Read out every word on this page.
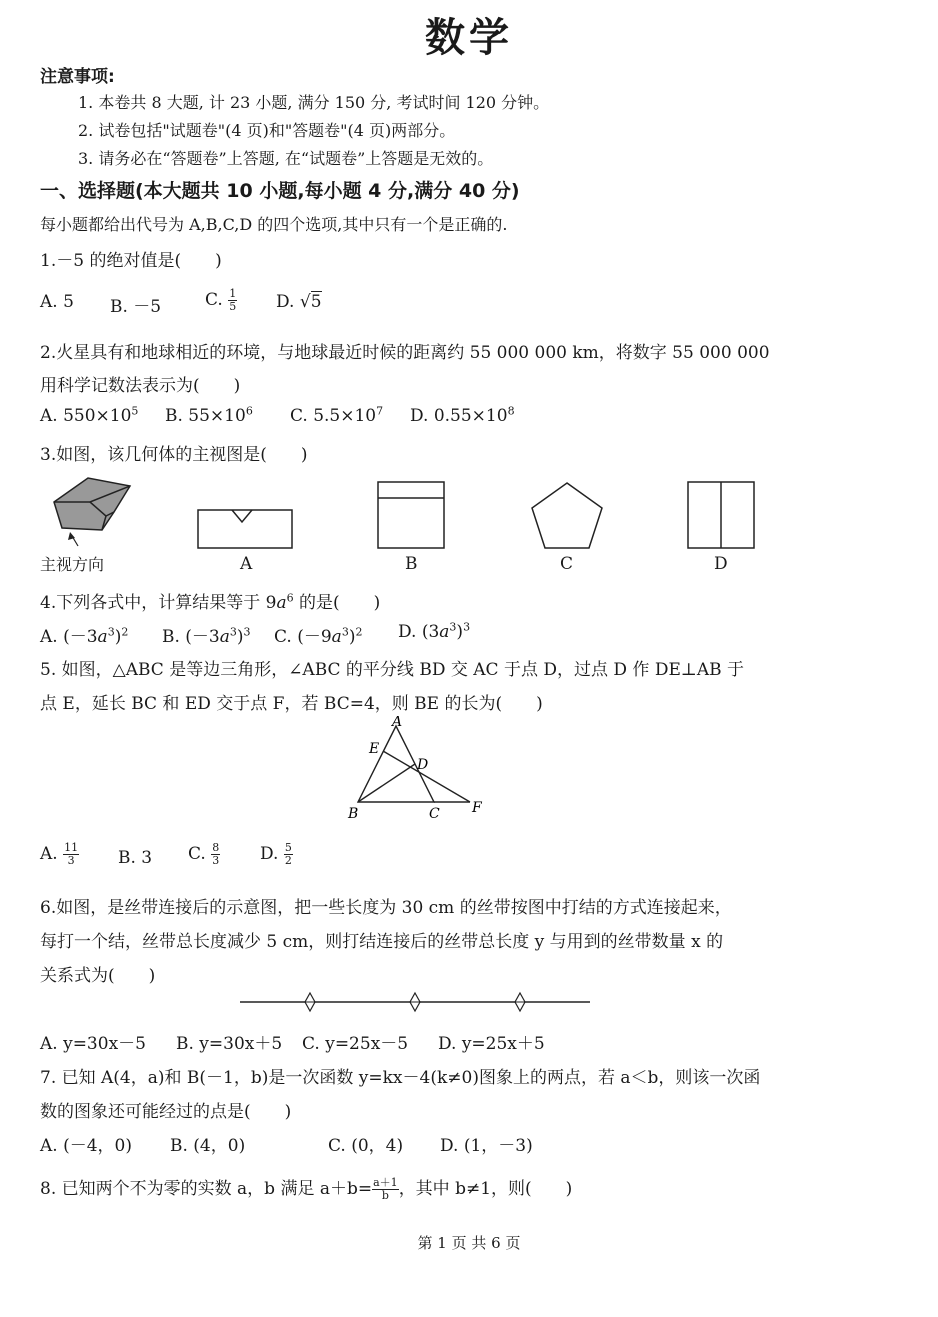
数学
注意事项:
1. 本卷共 8 大题, 计 23 小题, 满分 150 分, 考试时间 120 分钟。
2. 试卷包括"试题卷"(4 页)和"答题卷"(4 页)两部分。
3. 请务必在“答题卷”上答题, 在“试题卷”上答题是无效的。
一、选择题(本大题共 10 小题,每小题 4 分,满分 40 分)
每小题都给出代号为 A,B,C,D 的四个选项,其中只有一个是正确的.
1.－5 的绝对值是(　　)
A. 5 B. －5	C. $\frac{1}{5} D$. √5
2.火星具有和地球相近的环境，与地球最近时候的距离约 55 000 000 km，将数字 55 000 000
用科学记数法表示为(　　)
A. $550\times 10^5$ B. $55\times 10^6$ C. $5.5\times 10^7$ D. $0.55\times 10^8$
3.如图，该几何体的主视图是(　　)
主视方向	A	B	C	D
4.下列各式中，计算结果等于 $9a^6$ 的是(　　)
A. $(-3a^3)^2$ B. $(-3a^3)^3$ C. $(-9a^3)^2$ D. $(3a^3)^3$
5. 如图，△ABC 是等边三角形，∠ABC 的平分线 BD 交 AC 于点 D，过点 D 作 DE⊥AB 于
点 E，延长 BC 和 ED 交于点 F，若 BC=4，则 BE 的长为(　　)
A
E
D
B	C F
A. $\frac{11}{3} B$. 3 C. $\frac{8}{3} D$. $\frac{5}{2}$
6.如图，是丝带连接后的示意图，把一些长度为 30 cm 的丝带按图中打结的方式连接起来，
每打一个结，丝带总长度减少 5 cm，则打结连接后的丝带总长度 y 与用到的丝带数量 x 的
关系式为(　　)
A. y=30x－5 B. y=30x＋5 C. y=25x－5 D. y=25x＋5
7. 已知 A(4，a)和 B(－1，b)是一次函数 y=kx－4(k≠0)图象上的两点，若 a＜b，则该一次函
数的图象还可能经过的点是(　　)
A. (－4，0) B. (4，0)	C. (0，4) D. (1，－3)
8. 已知两个不为零的实数 a，b 满足 $a+b= \frac{a+1}{b}$ ，其中 b≠1，则(　　)
第 1 页 共 6 页
